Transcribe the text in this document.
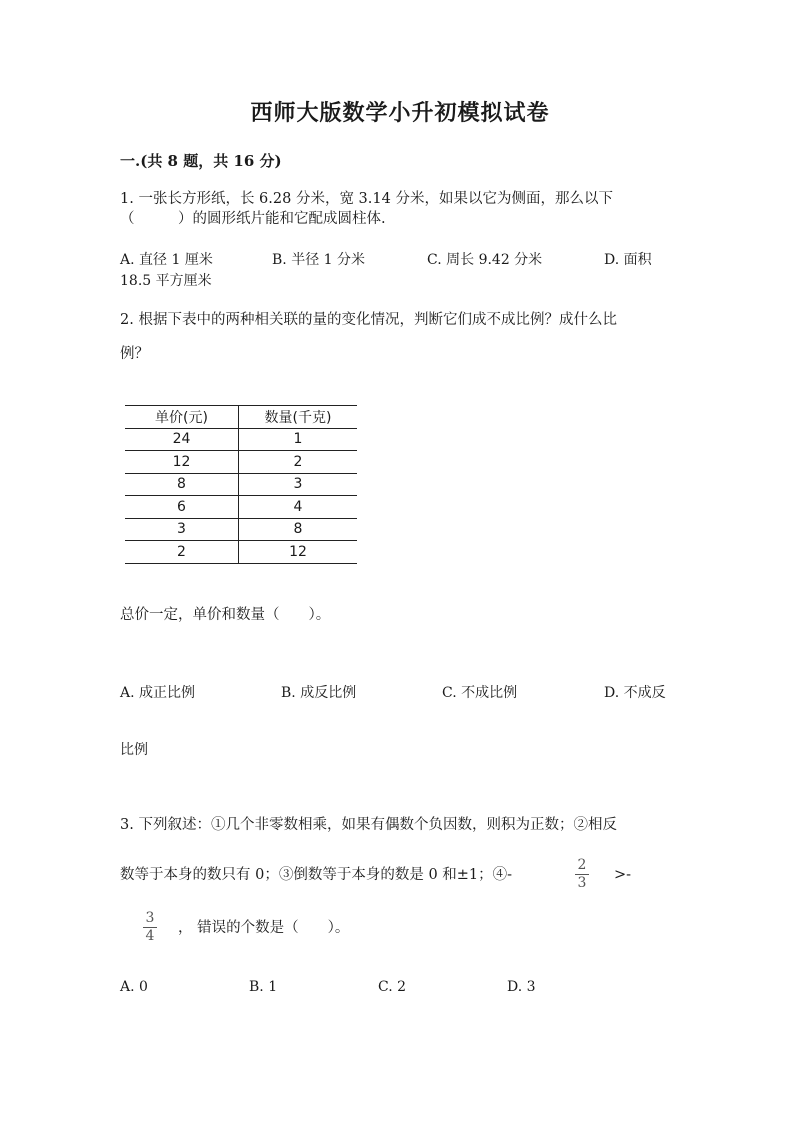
西师大版数学小升初模拟试卷
一.(共 8 题，共 16 分)
1. 一张长方形纸，长 6.28 分米，宽 3.14 分米，如果以它为侧面，那么以下
（　　　）的圆形纸片能和它配成圆柱体.
A. 直径 1 厘米	B. 半径 1 分米	C. 周长 9.42 分米	D. 面积
18.5 平方厘米
2. 根据下表中的两种相关联的量的变化情况，判断它们成不成比例？成什么比
例？
单价(元)	数量(千克)
24	1
12	2
8	3
6	4
3	8
2	12
总价一定，单价和数量（　　）。
A. 成正比例	B. 成反比例	C. 不成比例	D. 不成反
比例
3. 下列叙述：①几个非零数相乘，如果有偶数个负因数，则积为正数；②相反
数等于本身的数只有 0；③倒数等于本身的数是 0 和±1；④-
2
3	>-
3
4	， 错误的个数是（　　）。
A. 0	B. 1	C. 2	D. 3
